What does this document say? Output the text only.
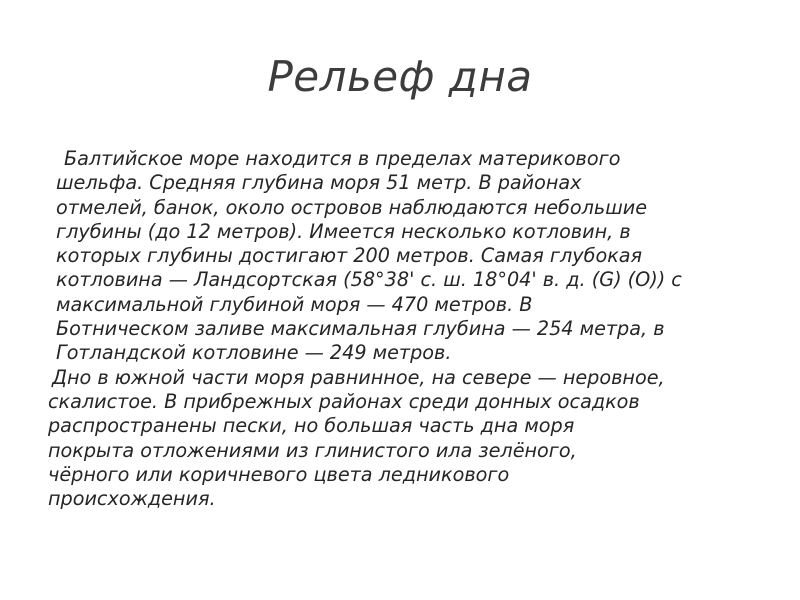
Рельеф дна
Балтийское море находится в пределах материкового
шельфа. Средняя глубина моря 51 метр. В районах
отмелей, банок, около островов наблюдаются небольшие
глубины (до 12 метров). Имеется несколько котловин, в
которых глубины достигают 200 метров. Самая глубокая
котловина — Ландсортская (58°38' с. ш. 18°04' в. д. (G) (O)) с
максимальной глубиной моря — 470 метров. В
Ботническом заливе максимальная глубина — 254 метра, в
Готландской котловине — 249 метров.
Дно в южной части моря равнинное, на севере — неровное,
скалистое. В прибрежных районах среди донных осадков
распространены пески, но большая часть дна моря
покрыта отложениями из глинистого ила зелёного,
чёрного или коричневого цвета ледникового
происхождения.
